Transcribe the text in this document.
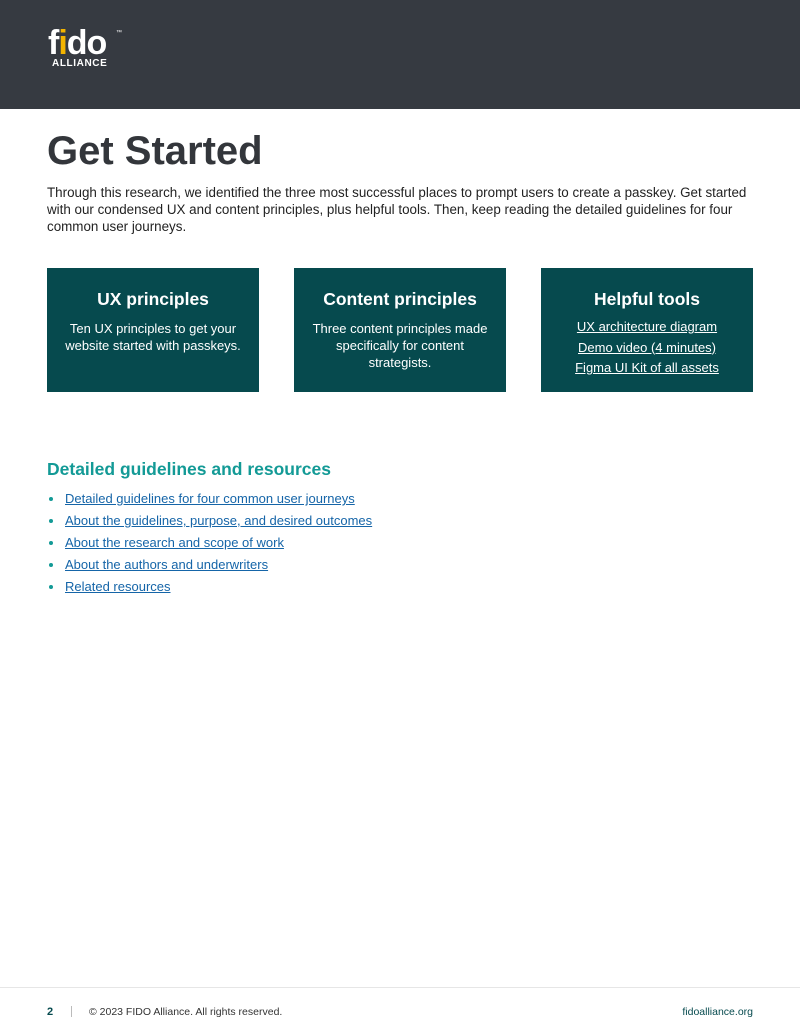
fido ™
ALLIANCE
Get Started

Through this research, we identified the three most successful places to prompt users to create a passkey. Get started with our condensed UX and content principles, plus helpful tools. Then, keep reading the detailed guidelines for four common user journeys.

UX principles
Ten UX principles to get your website started with passkeys.
Content principles
Three content principles made specifically for content strategists.
Helpful tools
UX architecture diagram
Demo video (4 minutes)
Figma UI Kit of all assets
Detailed guidelines and resources
Detailed guidelines for four common user journeys
About the guidelines, purpose, and desired outcomes
About the research and scope of work
About the authors and underwriters
Related resources
2	© 2023 FIDO Alliance. All rights reserved.	fidoalliance.org
